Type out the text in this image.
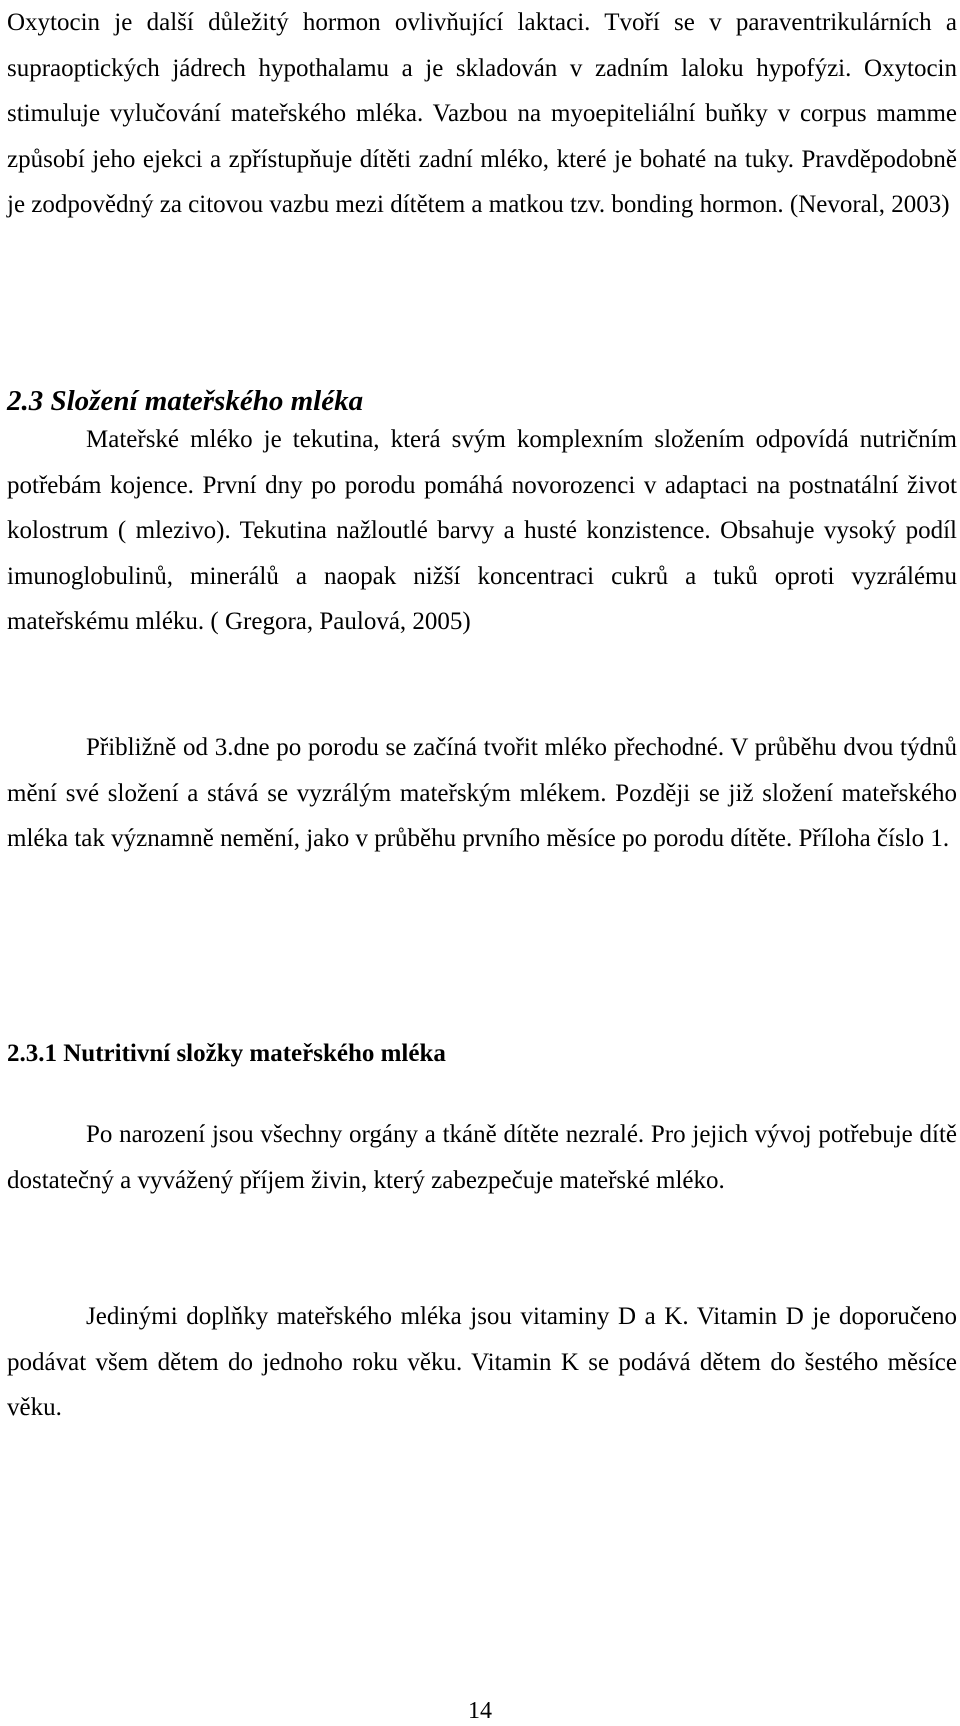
Oxytocin je další důležitý hormon ovlivňující laktaci. Tvoří se v paraventrikulárních a supraoptických jádrech hypothalamu a je skladován v zadním laloku hypofýzi. Oxytocin stimuluje vylučování mateřského mléka. Vazbou na myoepiteliální buňky v corpus mamme způsobí jeho ejekci a zpřístupňuje dítěti zadní mléko, které je bohaté na tuky. Pravděpodobně je zodpovědný za citovou vazbu mezi dítětem a matkou tzv. bonding hormon. (Nevoral, 2003)

2.3 Složení mateřského mléka

Mateřské mléko je tekutina, která svým komplexním složením odpovídá nutričním potřebám kojence. První dny po porodu pomáhá novorozenci v adaptaci na postnatální život kolostrum ( mlezivo). Tekutina nažloutlé barvy a husté konzistence. Obsahuje vysoký podíl imunoglobulinů, minerálů a naopak nižší koncentraci cukrů a tuků oproti vyzrálému mateřskému mléku. ( Gregora, Paulová, 2005)

Přibližně od 3.dne po porodu se začíná tvořit mléko přechodné. V průběhu dvou týdnů mění své složení a stává se vyzrálým mateřským mlékem. Později se již složení mateřského mléka tak významně nemění, jako v průběhu prvního měsíce po porodu dítěte. Příloha číslo 1.

2.3.1 Nutritivní složky mateřského mléka

Po narození jsou všechny orgány a tkáně dítěte nezralé. Pro jejich vývoj potřebuje dítě dostatečný a vyvážený příjem živin, který zabezpečuje mateřské mléko.

Jedinými doplňky mateřského mléka jsou vitaminy D a K. Vitamin D je doporučeno podávat všem dětem do jednoho roku věku. Vitamin K se podává dětem do šestého měsíce věku.

14
